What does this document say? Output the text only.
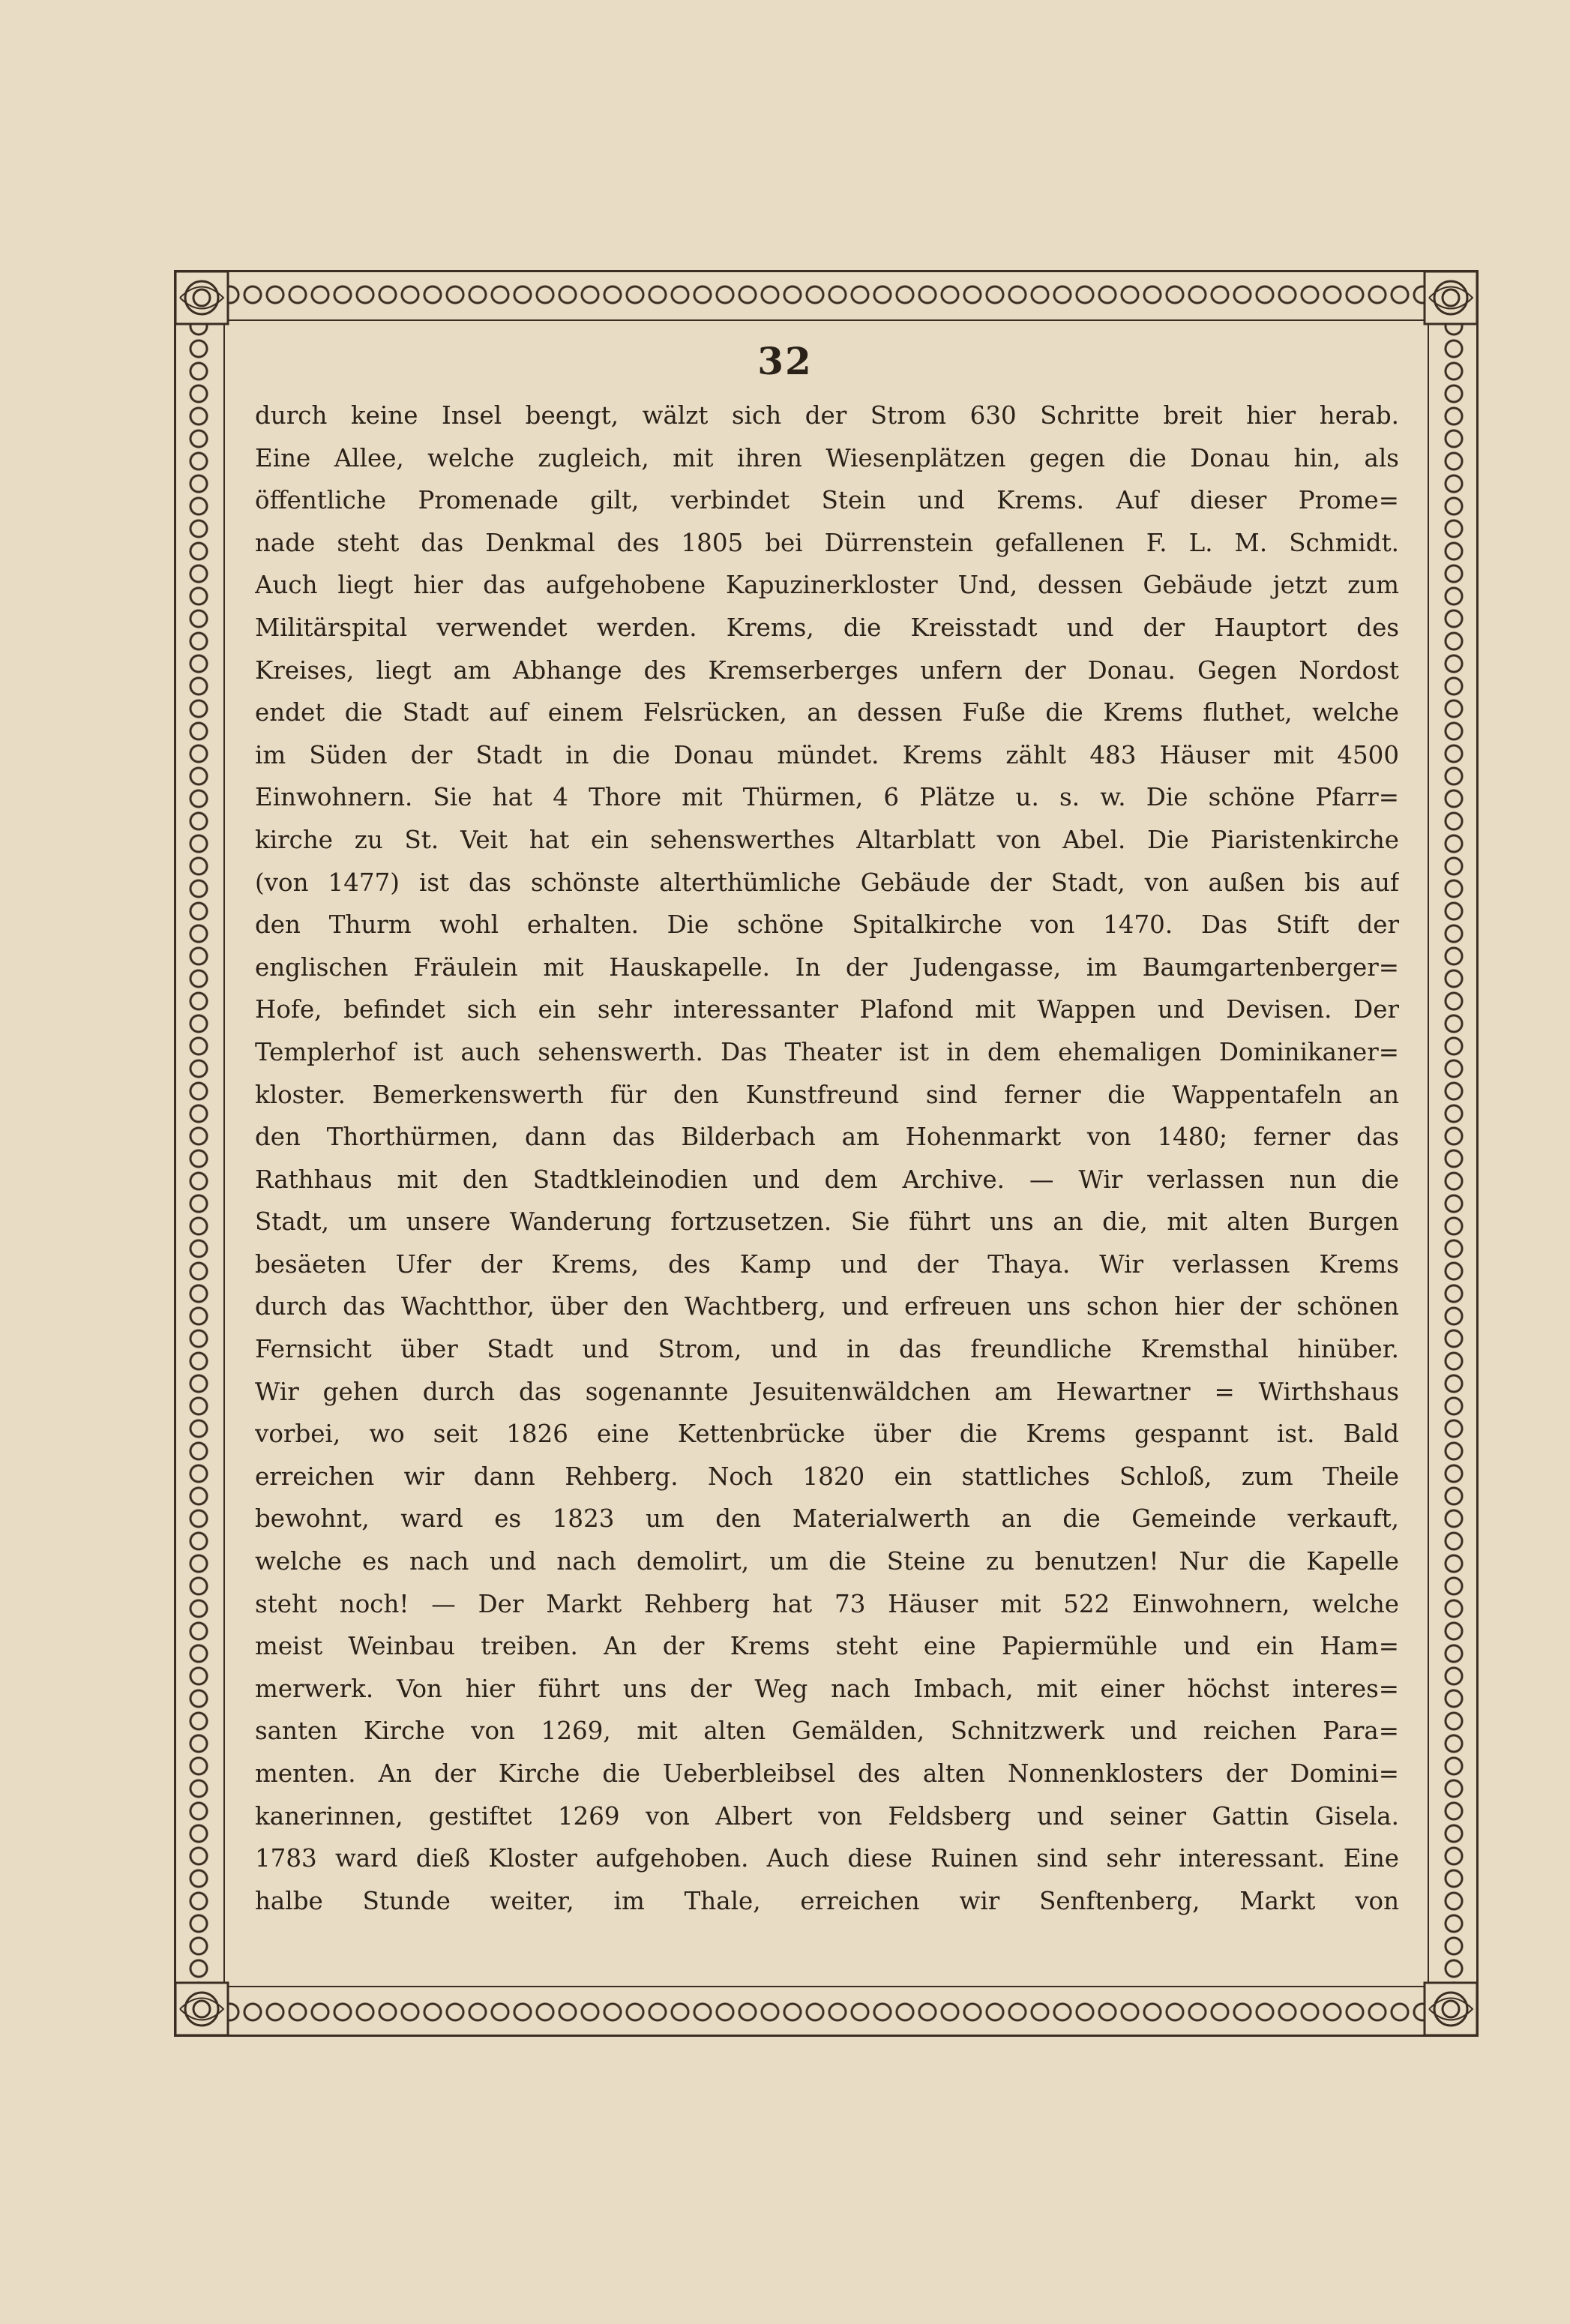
32
durch keine Insel beengt, wälzt sich der Strom 630 Schritte breit hier herab.
Eine Allee, welche zugleich, mit ihren Wiesenplätzen gegen die Donau hin, als
öffentliche Promenade gilt, verbindet Stein und Krems. Auf dieser Prome=
nade steht das Denkmal des 1805 bei Dürrenstein gefallenen F. L. M. Schmidt.
Auch liegt hier das aufgehobene Kapuzinerkloster Und, dessen Gebäude jetzt zum
Militärspital verwendet werden. Krems, die Kreisstadt und der Hauptort des
Kreises, liegt am Abhange des Kremserberges unfern der Donau. Gegen Nordost
endet die Stadt auf einem Felsrücken, an dessen Fuße die Krems fluthet, welche
im Süden der Stadt in die Donau mündet. Krems zählt 483 Häuser mit 4500
Einwohnern. Sie hat 4 Thore mit Thürmen, 6 Plätze u. s. w. Die schöne Pfarr=
kirche zu St. Veit hat ein sehenswerthes Altarblatt von Abel. Die Piaristenkirche
(von 1477) ist das schönste alterthümliche Gebäude der Stadt, von außen bis auf
den Thurm wohl erhalten. Die schöne Spitalkirche von 1470. Das Stift der
englischen Fräulein mit Hauskapelle. In der Judengasse, im Baumgartenberger=
Hofe, befindet sich ein sehr interessanter Plafond mit Wappen und Devisen. Der
Templerhof ist auch sehenswerth. Das Theater ist in dem ehemaligen Dominikaner=
kloster. Bemerkenswerth für den Kunstfreund sind ferner die Wappentafeln an
den Thorthürmen, dann das Bilderbach am Hohenmarkt von 1480; ferner das
Rathhaus mit den Stadtkleinodien und dem Archive. — Wir verlassen nun die
Stadt, um unsere Wanderung fortzusetzen. Sie führt uns an die, mit alten Burgen
besäeten Ufer der Krems, des Kamp und der Thaya. Wir verlassen Krems
durch das Wachtthor, über den Wachtberg, und erfreuen uns schon hier der schönen
Fernsicht über Stadt und Strom, und in das freundliche Kremsthal hinüber.
Wir gehen durch das sogenannte Jesuitenwäldchen am Hewartner = Wirthshaus
vorbei, wo seit 1826 eine Kettenbrücke über die Krems gespannt ist. Bald
erreichen wir dann Rehberg. Noch 1820 ein stattliches Schloß, zum Theile
bewohnt, ward es 1823 um den Materialwerth an die Gemeinde verkauft,
welche es nach und nach demolirt, um die Steine zu benutzen! Nur die Kapelle
steht noch! — Der Markt Rehberg hat 73 Häuser mit 522 Einwohnern, welche
meist Weinbau treiben. An der Krems steht eine Papiermühle und ein Ham=
merwerk. Von hier führt uns der Weg nach Imbach, mit einer höchst interes=
santen Kirche von 1269, mit alten Gemälden, Schnitzwerk und reichen Para=
menten. An der Kirche die Ueberbleibsel des alten Nonnenklosters der Domini=
kanerinnen, gestiftet 1269 von Albert von Feldsberg und seiner Gattin Gisela.
1783 ward dieß Kloster aufgehoben. Auch diese Ruinen sind sehr interessant. Eine
halbe Stunde weiter, im Thale, erreichen wir Senftenberg, Markt von
